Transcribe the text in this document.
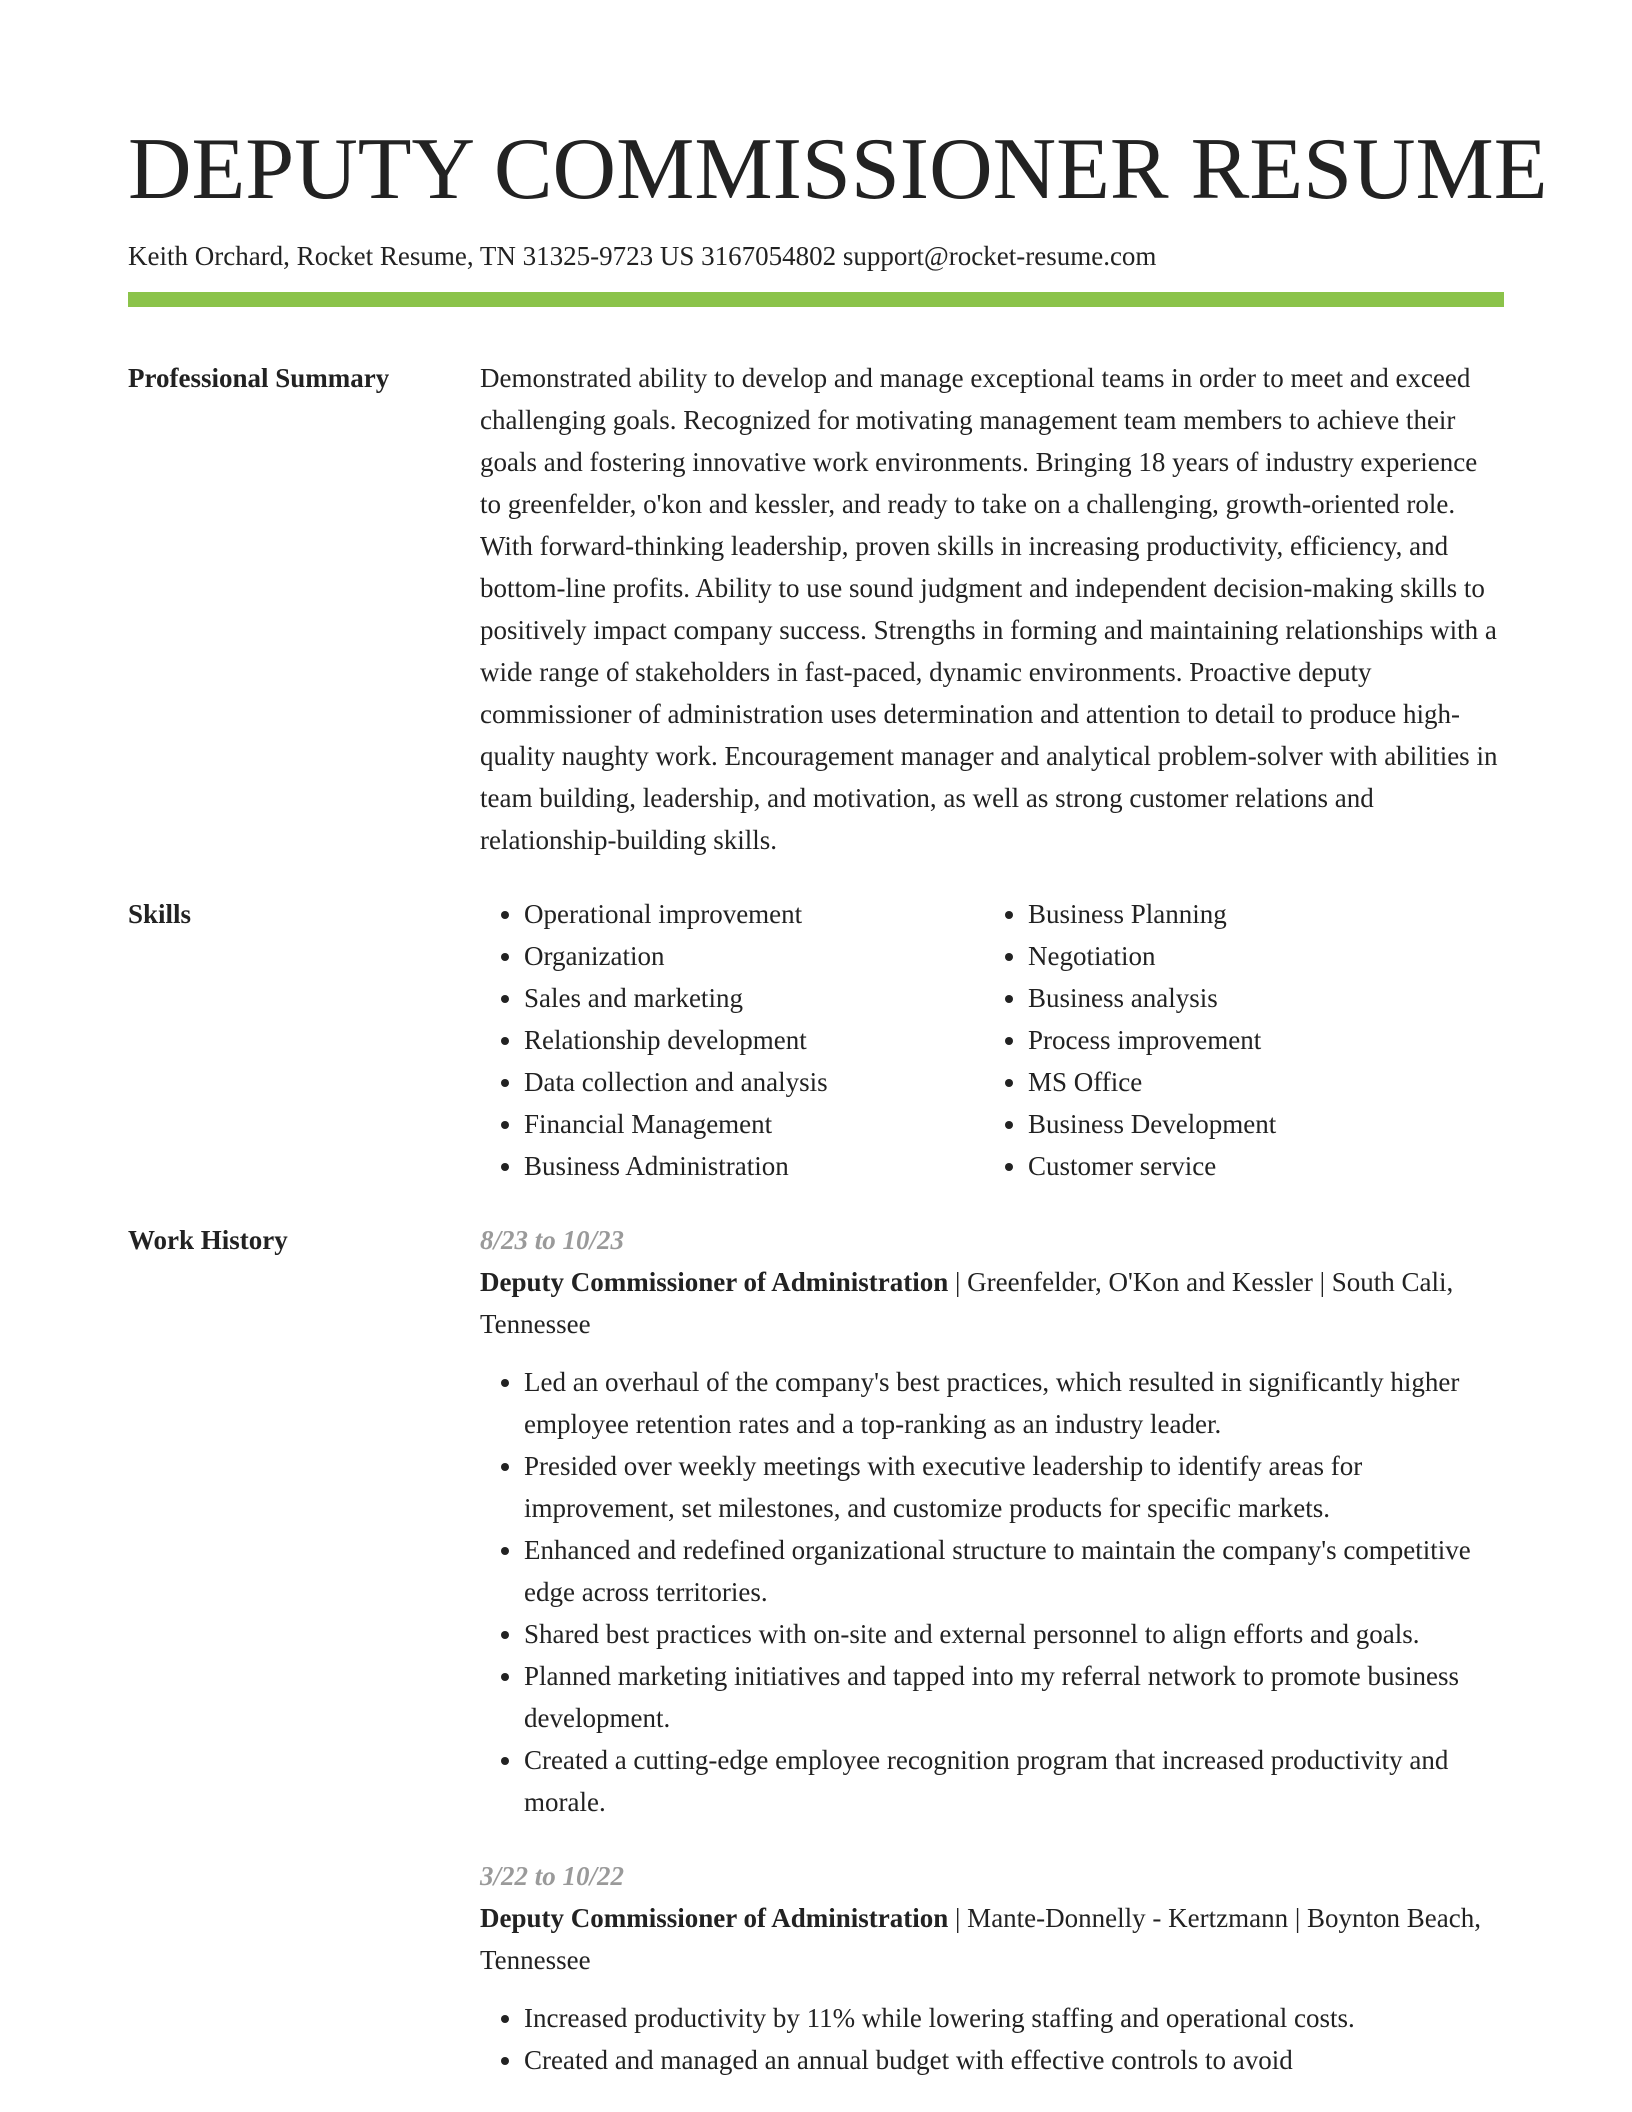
DEPUTY COMMISSIONER RESUME
Keith Orchard, Rocket Resume, TN 31325-9723 US 3167054802 support@rocket-resume.com
Professional Summary	Demonstrated ability to develop and manage exceptional teams in order to meet and exceed challenging goals. Recognized for motivating management team members to achieve their goals and fostering innovative work environments. Bringing 18 years of industry experience to greenfelder, o'kon and kessler, and ready to take on a challenging, growth-oriented role. With forward-thinking leadership, proven skills in increasing productivity, efficiency, and bottom-line profits. Ability to use sound judgment and independent decision-making skills to positively impact company success. Strengths in forming and maintaining relationships with a wide range of stakeholders in fast-paced, dynamic environments. Proactive deputy commissioner of administration uses determination and attention to detail to produce high-quality naughty work. Encouragement manager and analytical problem-solver with abilities in team building, leadership, and motivation, as well as strong customer relations and relationship-building skills.

Skills
•	Operational improvement
• Organization
• Sales and marketing
• Relationship development
• Data collection and analysis
• Financial Management
• Business Administration
• Business Planning
• Negotiation
• Business analysis
• Process improvement
• MS Office
• Business Development
• Customer service
Work History	8/23 to 10/23
Deputy Commissioner of Administration | Greenfelder, O'Kon and Kessler | South Cali, Tennessee
• Led an overhaul of the company's best practices, which resulted in significantly higher employee retention rates and a top-ranking as an industry leader.
• Presided over weekly meetings with executive leadership to identify areas for improvement, set milestones, and customize products for specific markets.
• Enhanced and redefined organizational structure to maintain the company's competitive edge across territories.
• Shared best practices with on-site and external personnel to align efforts and goals.
• Planned marketing initiatives and tapped into my referral network to promote business development.
• Created a cutting-edge employee recognition program that increased productivity and morale.
3/22 to 10/22
Deputy Commissioner of Administration | Mante-Donnelly - Kertzmann | Boynton Beach, Tennessee
• Increased productivity by 11% while lowering staffing and operational costs.
• Created and managed an annual budget with effective controls to avoid
